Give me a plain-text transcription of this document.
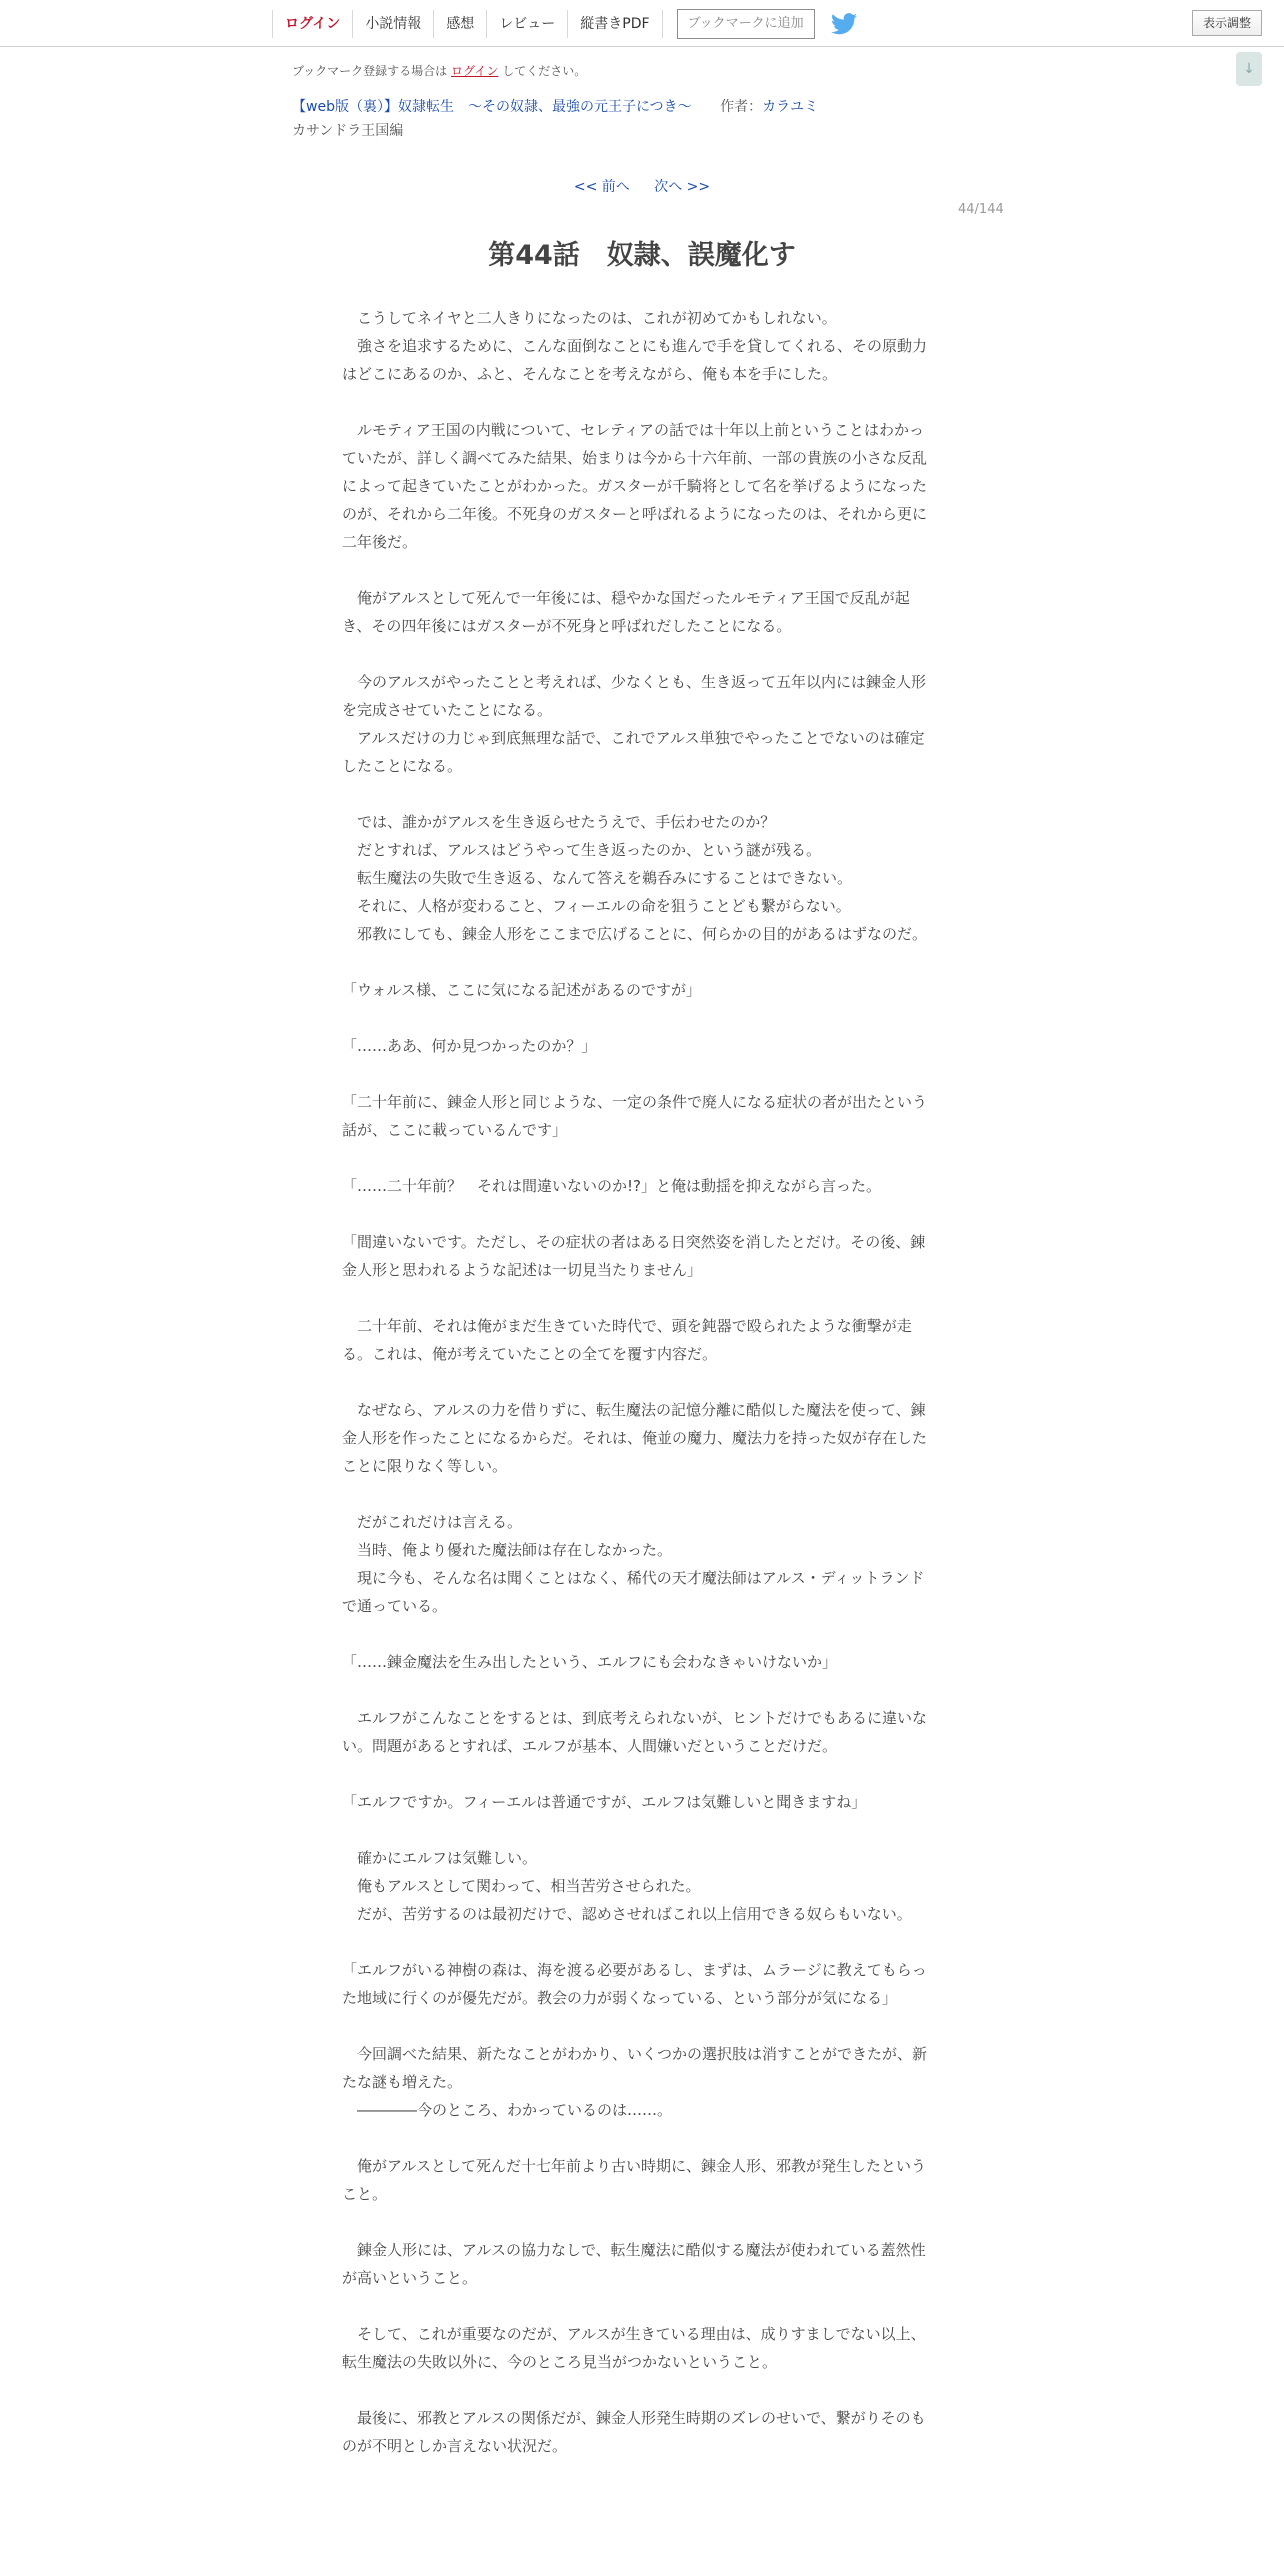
ログイン	小説情報	感想	レビュー	縦書きPDF	ブックマークに追加	表示調整
↓
ブックマーク登録する場合は ログイン してください。
【web版（裏）】奴隷転生　～その奴隷、最強の元王子につき～ 作者：カラユミ
カサンドラ王国編
<< 前へ 次へ >>
44/144
第44話　奴隷、誤魔化す

　こうしてネイヤと二人きりになったのは、これが初めてかもしれない。

　強さを追求するために、こんな面倒なことにも進んで手を貸してくれる、その原動力はどこにあるのか、ふと、そんなことを考えながら、俺も本を手にした。

　ルモティア王国の内戦について、セレティアの話では十年以上前ということはわかっていたが、詳しく調べてみた結果、始まりは今から十六年前、一部の貴族の小さな反乱によって起きていたことがわかった。ガスターが千騎将として名を挙げるようになったのが、それから二年後。不死身のガスターと呼ばれるようになったのは、それから更に二年後だ。

　俺がアルスとして死んで一年後には、穏やかな国だったルモティア王国で反乱が起き、その四年後にはガスターが不死身と呼ばれだしたことになる。

　今のアルスがやったことと考えれば、少なくとも、生き返って五年以内には錬金人形を完成させていたことになる。

　アルスだけの力じゃ到底無理な話で、これでアルス単独でやったことでないのは確定したことになる。

　では、誰かがアルスを生き返らせたうえで、手伝わせたのか？

　だとすれば、アルスはどうやって生き返ったのか、という謎が残る。

　転生魔法の失敗で生き返る、なんて答えを鵜呑みにすることはできない。

　それに、人格が変わること、フィーエルの命を狙うことども繋がらない。

　邪教にしても、錬金人形をここまで広げることに、何らかの目的があるはずなのだ。

「ウォルス様、ここに気になる記述があるのですが」

「……ああ、何か見つかったのか？」

「二十年前に、錬金人形と同じような、一定の条件で廃人になる症状の者が出たという話が、ここに載っているんです」

「……二十年前？　それは間違いないのか!?」と俺は動揺を抑えながら言った。

「間違いないです。ただし、その症状の者はある日突然姿を消したとだけ。その後、錬金人形と思われるような記述は一切見当たりません」

　二十年前、それは俺がまだ生きていた時代で、頭を鈍器で殴られたような衝撃が走る。これは、俺が考えていたことの全てを覆す内容だ。

　なぜなら、アルスの力を借りずに、転生魔法の記憶分離に酷似した魔法を使って、錬金人形を作ったことになるからだ。それは、俺並の魔力、魔法力を持った奴が存在したことに限りなく等しい。

　だがこれだけは言える。

　当時、俺より優れた魔法師は存在しなかった。

　現に今も、そんな名は聞くことはなく、稀代の天才魔法師はアルス・ディットランドで通っている。

「……錬金魔法を生み出したという、エルフにも会わなきゃいけないか」

　エルフがこんなことをするとは、到底考えられないが、ヒントだけでもあるに違いない。問題があるとすれば、エルフが基本、人間嫌いだということだけだ。

「エルフですか。フィーエルは普通ですが、エルフは気難しいと聞きますね」

　確かにエルフは気難しい。

　俺もアルスとして関わって、相当苦労させられた。

　だが、苦労するのは最初だけで、認めさせればこれ以上信用できる奴らもいない。

「エルフがいる神樹の森は、海を渡る必要があるし、まずは、ムラージに教えてもらった地域に行くのが優先だが。教会の力が弱くなっている、という部分が気になる」

　今回調べた結果、新たなことがわかり、いくつかの選択肢は消すことができたが、新たな謎も増えた。

　――――今のところ、わかっているのは……。

　俺がアルスとして死んだ十七年前より古い時期に、錬金人形、邪教が発生したということ。

　錬金人形には、アルスの協力なしで、転生魔法に酷似する魔法が使われている蓋然性が高いということ。

　そして、これが重要なのだが、アルスが生きている理由は、成りすましでない以上、転生魔法の失敗以外に、今のところ見当がつかないということ。

　最後に、邪教とアルスの関係だが、錬金人形発生時期のズレのせいで、繋がりそのものが不明としか言えない状況だ。
